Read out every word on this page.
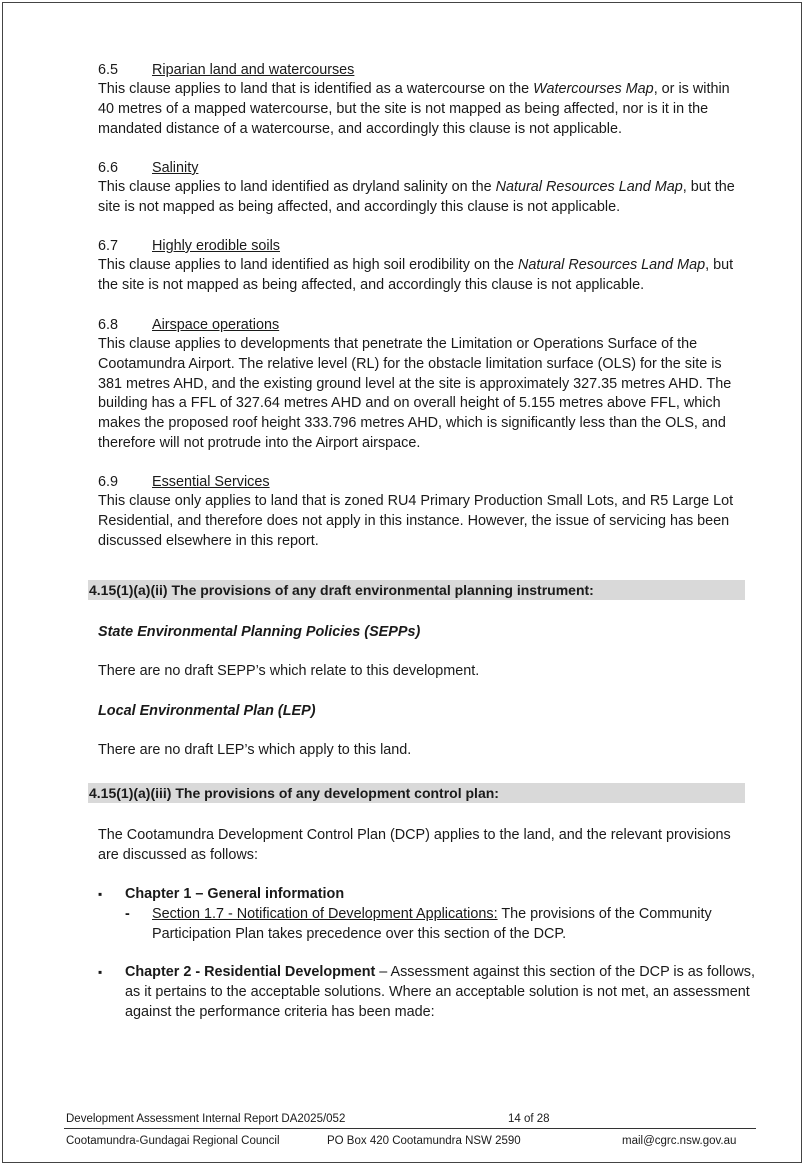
6.5 Riparian land and watercourses
This clause applies to land that is identified as a watercourse on the Watercourses Map, or is within 40 metres of a mapped watercourse, but the site is not mapped as being affected, nor is it in the mandated distance of a watercourse, and accordingly this clause is not applicable.
6.6 Salinity
This clause applies to land identified as dryland salinity on the Natural Resources Land Map, but the site is not mapped as being affected, and accordingly this clause is not applicable.
6.7 Highly erodible soils
This clause applies to land identified as high soil erodibility on the Natural Resources Land Map, but the site is not mapped as being affected, and accordingly this clause is not applicable.
6.8 Airspace operations
This clause applies to developments that penetrate the Limitation or Operations Surface of the Cootamundra Airport. The relative level (RL) for the obstacle limitation surface (OLS) for the site is 381 metres AHD, and the existing ground level at the site is approximately 327.35 metres AHD. The building has a FFL of 327.64 metres AHD and on overall height of 5.155 metres above FFL, which makes the proposed roof height 333.796 metres AHD, which is significantly less than the OLS, and therefore will not protrude into the Airport airspace.
6.9 Essential Services
This clause only applies to land that is zoned RU4 Primary Production Small Lots, and R5 Large Lot Residential, and therefore does not apply in this instance. However, the issue of servicing has been discussed elsewhere in this report.
4.15(1)(a)(ii) The provisions of any draft environmental planning instrument:
State Environmental Planning Policies (SEPPs)
There are no draft SEPP’s which relate to this development.
Local Environmental Plan (LEP)
There are no draft LEP’s which apply to this land.
4.15(1)(a)(iii) The provisions of any development control plan:
The Cootamundra Development Control Plan (DCP) applies to the land, and the relevant provisions are discussed as follows:
▪ Chapter 1 – General information
- Section 1.7 - Notification of Development Applications: The provisions of the Community Participation Plan takes precedence over this section of the DCP.
▪ Chapter 2 - Residential Development – Assessment against this section of the DCP is as follows, as it pertains to the acceptable solutions. Where an acceptable solution is not met, an assessment against the performance criteria has been made:
Development Assessment Internal Report DA2025/052	14 of 28
Cootamundra-Gundagai Regional Council	PO Box 420 Cootamundra NSW 2590	mail@cgrc.nsw.gov.au
